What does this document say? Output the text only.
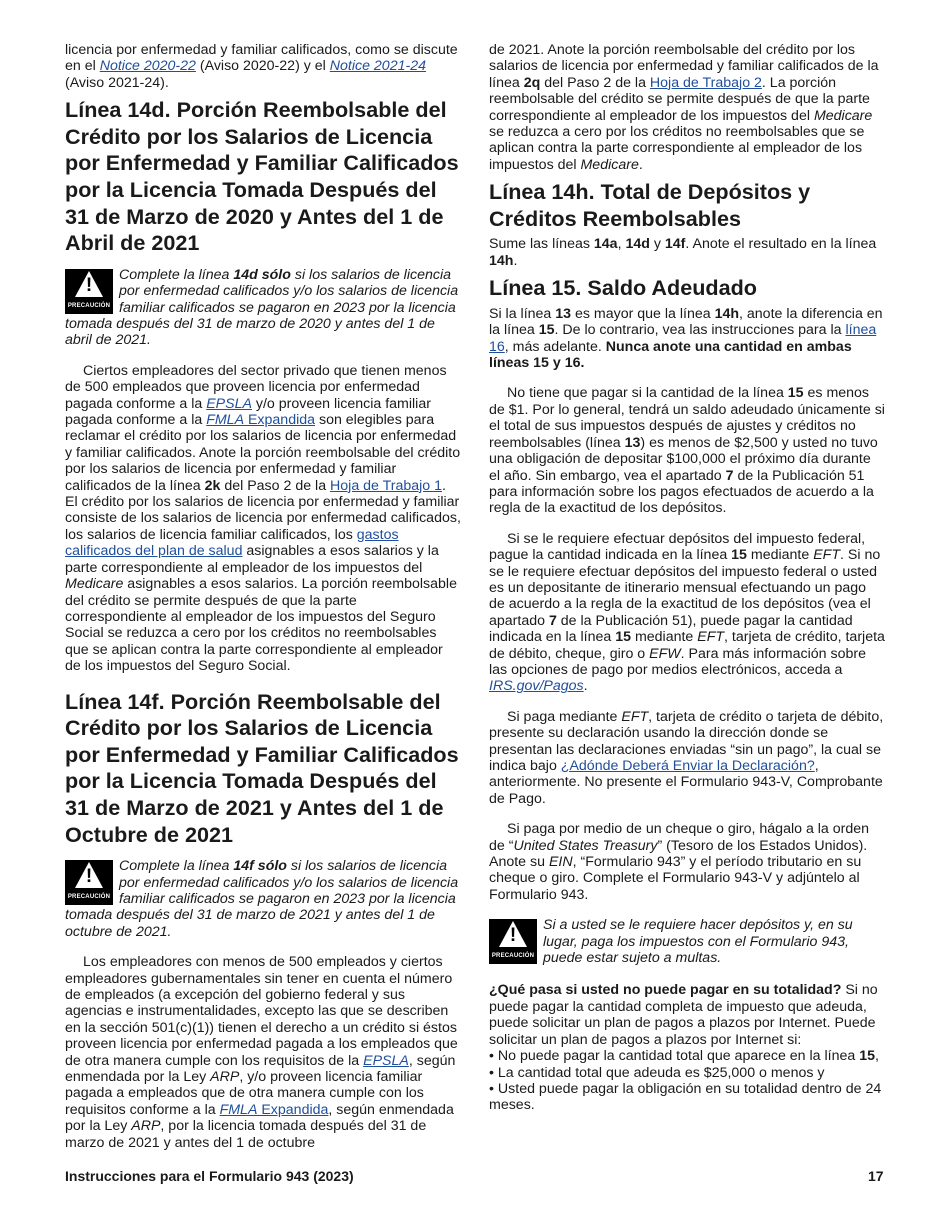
licencia por enfermedad y familiar calificados, como se discute en el Notice 2020-22 (Aviso 2020-22) y el Notice 2021-24 (Aviso 2021-24).

Línea 14d. Porción Reembolsable del Crédito por los Salarios de Licencia por Enfermedad y Familiar Calificados por la Licencia Tomada Después del 31 de Marzo de 2020 y Antes del 1 de Abril de 2021
!
PRECAUCIÓN
Complete la línea 14d sólo si los salarios de licencia por enfermedad calificados y/o los salarios de licencia familiar calificados se pagaron en 2023 por la licencia tomada después del 31 de marzo de 2020 y antes del 1 de abril de 2021.

Ciertos empleadores del sector privado que tienen menos de 500 empleados que proveen licencia por enfermedad pagada conforme a la EPSLA y/o proveen licencia familiar pagada conforme a la FMLA Expandida son elegibles para reclamar el crédito por los salarios de licencia por enfermedad y familiar calificados. Anote la porción reembolsable del crédito por los salarios de licencia por enfermedad y familiar calificados de la línea 2k del Paso 2 de la Hoja de Trabajo 1. El crédito por los salarios de licencia por enfermedad y familiar consiste de los salarios de licencia por enfermedad calificados, los salarios de licencia familiar calificados, los gastos calificados del plan de salud asignables a esos salarios y la parte correspondiente al empleador de los impuestos del Medicare asignables a esos salarios. La porción reembolsable del crédito se permite después de que la parte correspondiente al empleador de los impuestos del Seguro Social se reduzca a cero por los créditos no reembolsables que se aplican contra la parte correspondiente al empleador de los impuestos del Seguro Social.

Línea 14f. Porción Reembolsable del Crédito por los Salarios de Licencia por Enfermedad y Familiar Calificados por la Licencia Tomada Después del 31 de Marzo de 2021 y Antes del 1 de Octubre de 2021
!
PRECAUCIÓN
Complete la línea 14f sólo si los salarios de licencia por enfermedad calificados y/o los salarios de licencia familiar calificados se pagaron en 2023 por la licencia tomada después del 31 de marzo de 2021 y antes del 1 de octubre de 2021.

Los empleadores con menos de 500 empleados y ciertos empleadores gubernamentales sin tener en cuenta el número de empleados (a excepción del gobierno federal y sus agencias e instrumentalidades, excepto las que se describen en la sección 501(c)(1)) tienen el derecho a un crédito si éstos proveen licencia por enfermedad pagada a los empleados que de otra manera cumple con los requisitos de la EPSLA, según enmendada por la Ley ARP, y/o proveen licencia familiar pagada a empleados que de otra manera cumple con los requisitos conforme a la FMLA Expandida, según enmendada por la Ley ARP, por la licencia tomada después del 31 de marzo de 2021 y antes del 1 de octubre

de 2021. Anote la porción reembolsable del crédito por los salarios de licencia por enfermedad y familiar calificados de la línea 2q del Paso 2 de la Hoja de Trabajo 2. La porción reembolsable del crédito se permite después de que la parte correspondiente al empleador de los impuestos del Medicare se reduzca a cero por los créditos no reembolsables que se aplican contra la parte correspondiente al empleador de los impuestos del Medicare.

Línea 14h. Total de Depósitos y Créditos Reembolsables

Sume las líneas 14a, 14d y 14f. Anote el resultado en la línea 14h.

Línea 15. Saldo Adeudado

Si la línea 13 es mayor que la línea 14h, anote la diferencia en la línea 15. De lo contrario, vea las instrucciones para la línea 16, más adelante. Nunca anote una cantidad en ambas líneas 15 y 16.

No tiene que pagar si la cantidad de la línea 15 es menos de $1. Por lo general, tendrá un saldo adeudado únicamente si el total de sus impuestos después de ajustes y créditos no reembolsables (línea 13) es menos de $2,500 y usted no tuvo una obligación de depositar $100,000 el próximo día durante el año. Sin embargo, vea el apartado 7 de la Publicación 51 para información sobre los pagos efectuados de acuerdo a la regla de la exactitud de los depósitos.

Si se le requiere efectuar depósitos del impuesto federal, pague la cantidad indicada en la línea 15 mediante EFT. Si no se le requiere efectuar depósitos del impuesto federal o usted es un depositante de itinerario mensual efectuando un pago de acuerdo a la regla de la exactitud de los depósitos (vea el apartado 7 de la Publicación 51), puede pagar la cantidad indicada en la línea 15 mediante EFT, tarjeta de crédito, tarjeta de débito, cheque, giro o EFW. Para más información sobre las opciones de pago por medios electrónicos, acceda a IRS.gov/Pagos.

Si paga mediante EFT, tarjeta de crédito o tarjeta de débito, presente su declaración usando la dirección donde se presentan las declaraciones enviadas “sin un pago”, la cual se indica bajo ¿Adónde Deberá Enviar la Declaración?, anteriormente. No presente el Formulario 943-V, Comprobante de Pago.

Si paga por medio de un cheque o giro, hágalo a la orden de “United States Treasury” (Tesoro de los Estados Unidos). Anote su EIN, “Formulario 943” y el período tributario en su cheque o giro. Complete el Formulario 943-V y adjúntelo al Formulario 943.

!
PRECAUCIÓN
Si a usted se le requiere hacer depósitos y, en su lugar, paga los impuestos con el Formulario 943, puede estar sujeto a multas.

¿Qué pasa si usted no puede pagar en su totalidad? Si no puede pagar la cantidad completa de impuesto que adeuda, puede solicitar un plan de pagos a plazos por Internet. Puede solicitar un plan de pagos a plazos por Internet si:

• No puede pagar la cantidad total que aparece en la línea 15,
• La cantidad total que adeuda es $25,000 o menos y
• Usted puede pagar la obligación en su totalidad dentro de 24 meses.
Instrucciones para el Formulario 943 (2023)	17
